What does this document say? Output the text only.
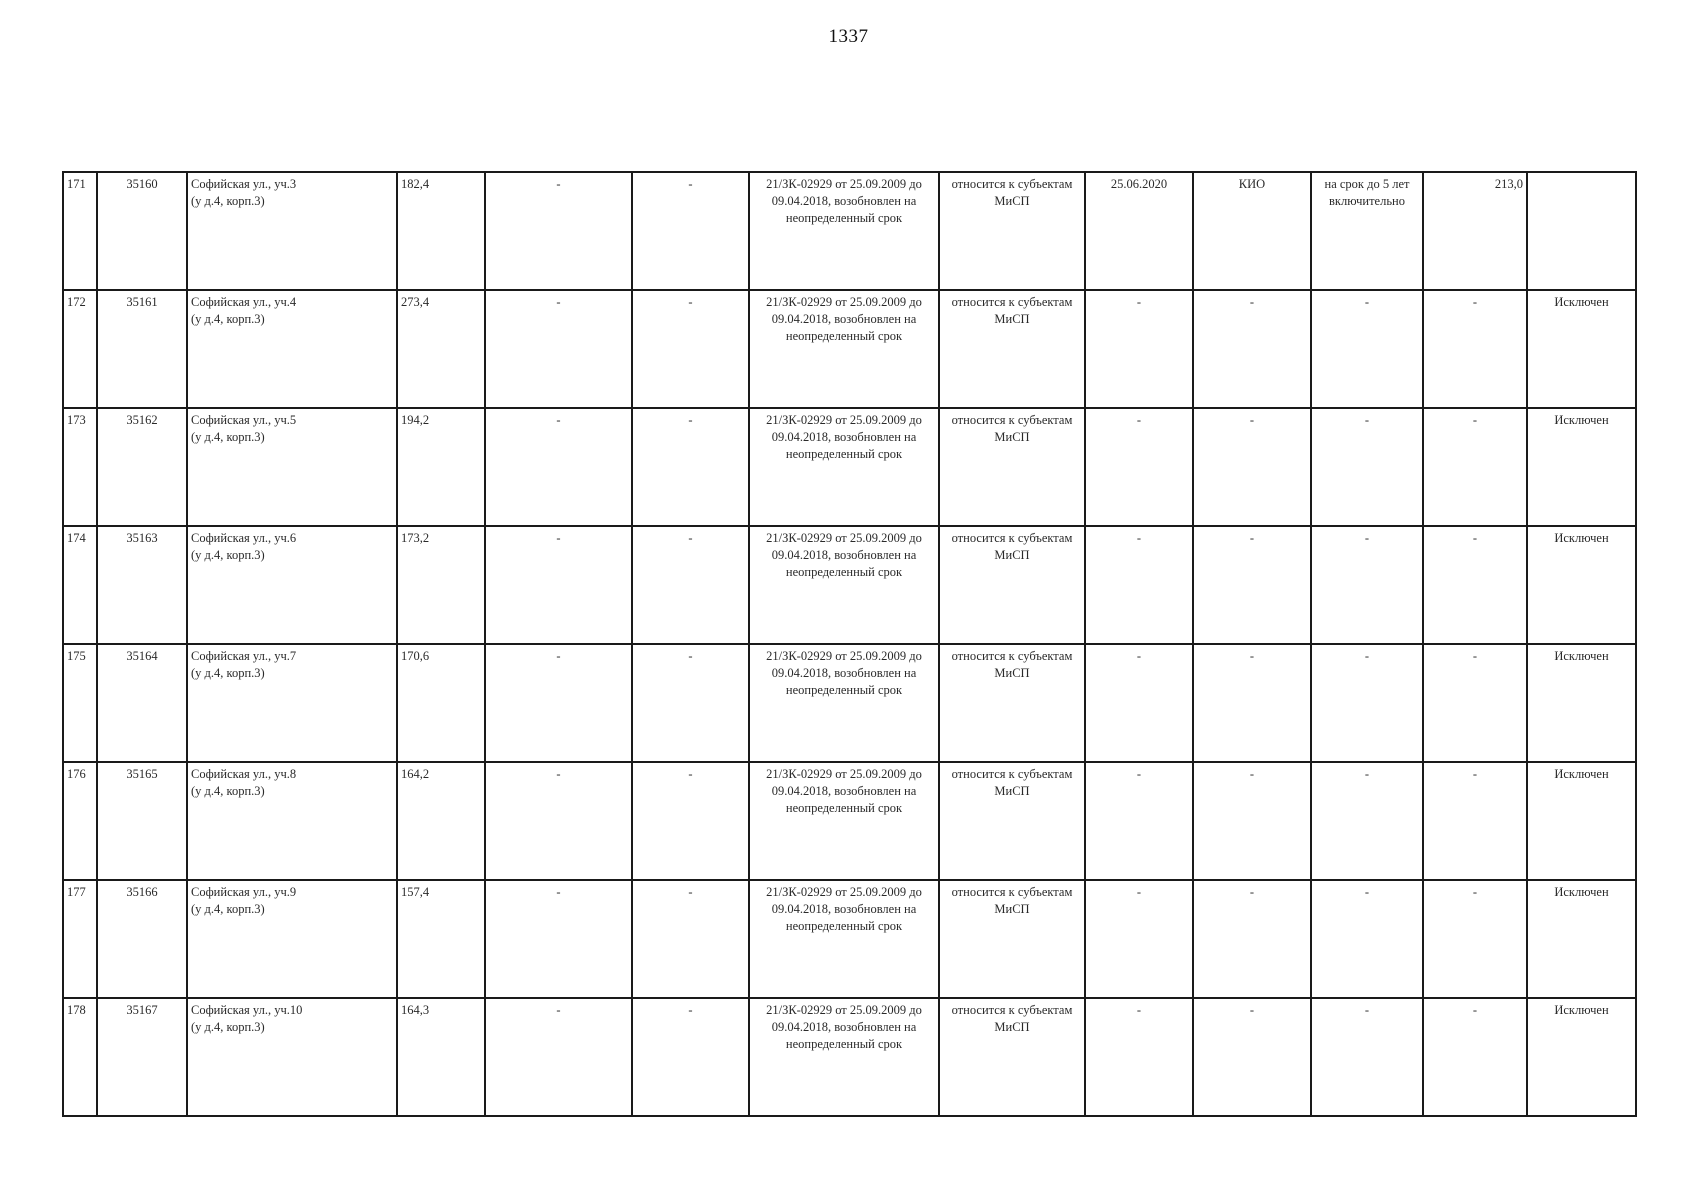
1337
171	35160	Софийская ул., уч.3
(у д.4, корп.3)	182,4	-	-	21/ЗК-02929 от 25.09.2009 до 09.04.2018, возобновлен на неопределенный срок	относится к субъектам МиСП	25.06.2020	КИО	на срок до 5 лет включительно	213,0	
172	35161	Софийская ул., уч.4
(у д.4, корп.3)	273,4	-	-	21/ЗК-02929 от 25.09.2009 до 09.04.2018, возобновлен на неопределенный срок	относится к субъектам МиСП	-	-	-	-	Исключен
173	35162	Софийская ул., уч.5
(у д.4, корп.3)	194,2	-	-	21/ЗК-02929 от 25.09.2009 до 09.04.2018, возобновлен на неопределенный срок	относится к субъектам МиСП	-	-	-	-	Исключен
174	35163	Софийская ул., уч.6
(у д.4, корп.3)	173,2	-	-	21/ЗК-02929 от 25.09.2009 до 09.04.2018, возобновлен на неопределенный срок	относится к субъектам МиСП	-	-	-	-	Исключен
175	35164	Софийская ул., уч.7
(у д.4, корп.3)	170,6	-	-	21/ЗК-02929 от 25.09.2009 до 09.04.2018, возобновлен на неопределенный срок	относится к субъектам МиСП	-	-	-	-	Исключен
176	35165	Софийская ул., уч.8
(у д.4, корп.3)	164,2	-	-	21/ЗК-02929 от 25.09.2009 до 09.04.2018, возобновлен на неопределенный срок	относится к субъектам МиСП	-	-	-	-	Исключен
177	35166	Софийская ул., уч.9
(у д.4, корп.3)	157,4	-	-	21/ЗК-02929 от 25.09.2009 до 09.04.2018, возобновлен на неопределенный срок	относится к субъектам МиСП	-	-	-	-	Исключен
178	35167	Софийская ул., уч.10
(у д.4, корп.3)	164,3	-	-	21/ЗК-02929 от 25.09.2009 до 09.04.2018, возобновлен на неопределенный срок	относится к субъектам МиСП	-	-	-	-	Исключен
